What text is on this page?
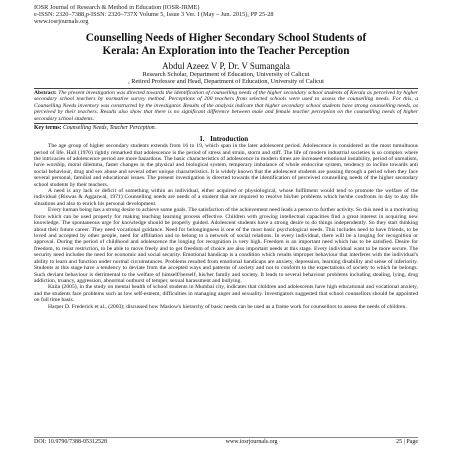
IOSR Journal of Research & Method in Education (IOSR-JRME)
e-ISSN: 2320–7388,p-ISSN: 2320–737X Volume 5, Issue 3 Ver. I (May – Jun. 2015), PP 25-28
www.iosrjournals.org
Counselling Needs of Higher Secondary School Students of
Kerala: An Exploration into the Teacher Perception
Abdul Azeez V P, Dr. V Sumangala
Research Scholar, Department of Education, University of Calicut
, Retired Professor and Head, Department of Education, University of Calicut
Abstract: The present investigation was directed towards the identification of counselling needs of the higher secondary school students of Kerala as perceived by higher secondary school teachers by normative survey method. Perceptions of 200 teachers from selected schools were used to assess the counselling needs. For this, a Counselling Needs inventory was constructed by the investigator. Results of the analysis indicate that higher secondary school students have strong counselling needs, as perceived by their teachers. Results also show that there is no significant difference between male and female teacher perception on the counselling needs of higher secondary school students.
Key terms: Counselling Needs, Teacher Perception.
I. Introduction

The age group of higher secondary students extends from 16 to 19, which span in the later adolescent period. Adolescence is considered as the most tumultuous period of life. Hall (1976) rightly remarked that adolescence is the period of stress and strain, storm and stiff. The life of modern industrial societies is so complex where the intricacies of adolescence period are more hazardous. The basic characteristics of adolescence in modern times are increased emotional instability, period of unrealism, have worship, moral dilemma, faster changes in the physical and biological system, temporary imbalance of whole endocrine system, tendency to incline towards anti social behaviour, drug and sex abuse and several other unique characteristics. It is widely known that the adolescent students are passing through a period when they face several personal, familial and educational issues. The present investigation is directed towards the identification of perceived counselling needs of the higher secondary school students by their teachers.

A need is any lack or deficit of something within an individual, either acquired or physiological, whose fulfilment would tend to promote the welfare of the individual (Biswas & Aggarwal, 1971) Counselling needs are needs of a student that are required to resolve his/her problems which he/she confronts in day to day life situations and also to enrich his personal development.

Every human being has a strong desire to achieve some goals. The satisfaction of the achievement need leads a person to further activity. So this need is a motivating force which can be used properly for making teaching learning process effective. Children with growing intellectual capacities find a great interest in acquiring new knowledge. The spontaneous urge for knowledge should be properly guided. Adolescent students have a strong desire to do things independently. So they start thinking about their future career. They need vocational guidance. Need for belongingness is one of the most basic psychological needs. This includes need to have friends, to be loved and accepted by other people, need for affiliation and to belong to a network of social relations. In every individual, there will be a longing for recognition or approval. During the period of childhood and adolescence the longing for recognition is very high. Freedom is an important need which has to be satisfied. Desire for freedom, to resist restriction, to be able to move freely and to get freedom of choice are also important needs at this stage. Every individual want to be more secure. The security need includes the need for economic and social security. Emotional handicap is a condition which results improper behaviour that interferes with the individual's ability to learn and function under normal circumstances. Problems resulted from emotional handicaps are anxiety, depression, learning disability and sense of inferiority. Students at this stage have a tendency to deviate from the accepted ways and patterns of society and not to conform to the expectations of society to which he belongs. Such deviant behaviour is detrimental to the welfare of himself/herself, his/her family and society. It leads to several behaviour problems including stealing, lying, drug addiction, truancy, aggression, abnormal outburst of temper, sexual harassment and bullying.

Kaila (2005), in the study on mental health of school students in Mumbai city, indicates that children and adolescents have high educational and vocational anxiety, and the students face problems such as low self-esteem, difficulties in managing anger and sexuality. Investigators suggested that school counsellors should be appointed on full time basis.

Harper D. Frederick et al., (2003); discussed how Maslow's hierarchy of basic needs can be used as a frame work for counsellors to assess the needs of children.

DOI: 10.9790/7388-05312528	www.iosrjournals.org	25 | Page
